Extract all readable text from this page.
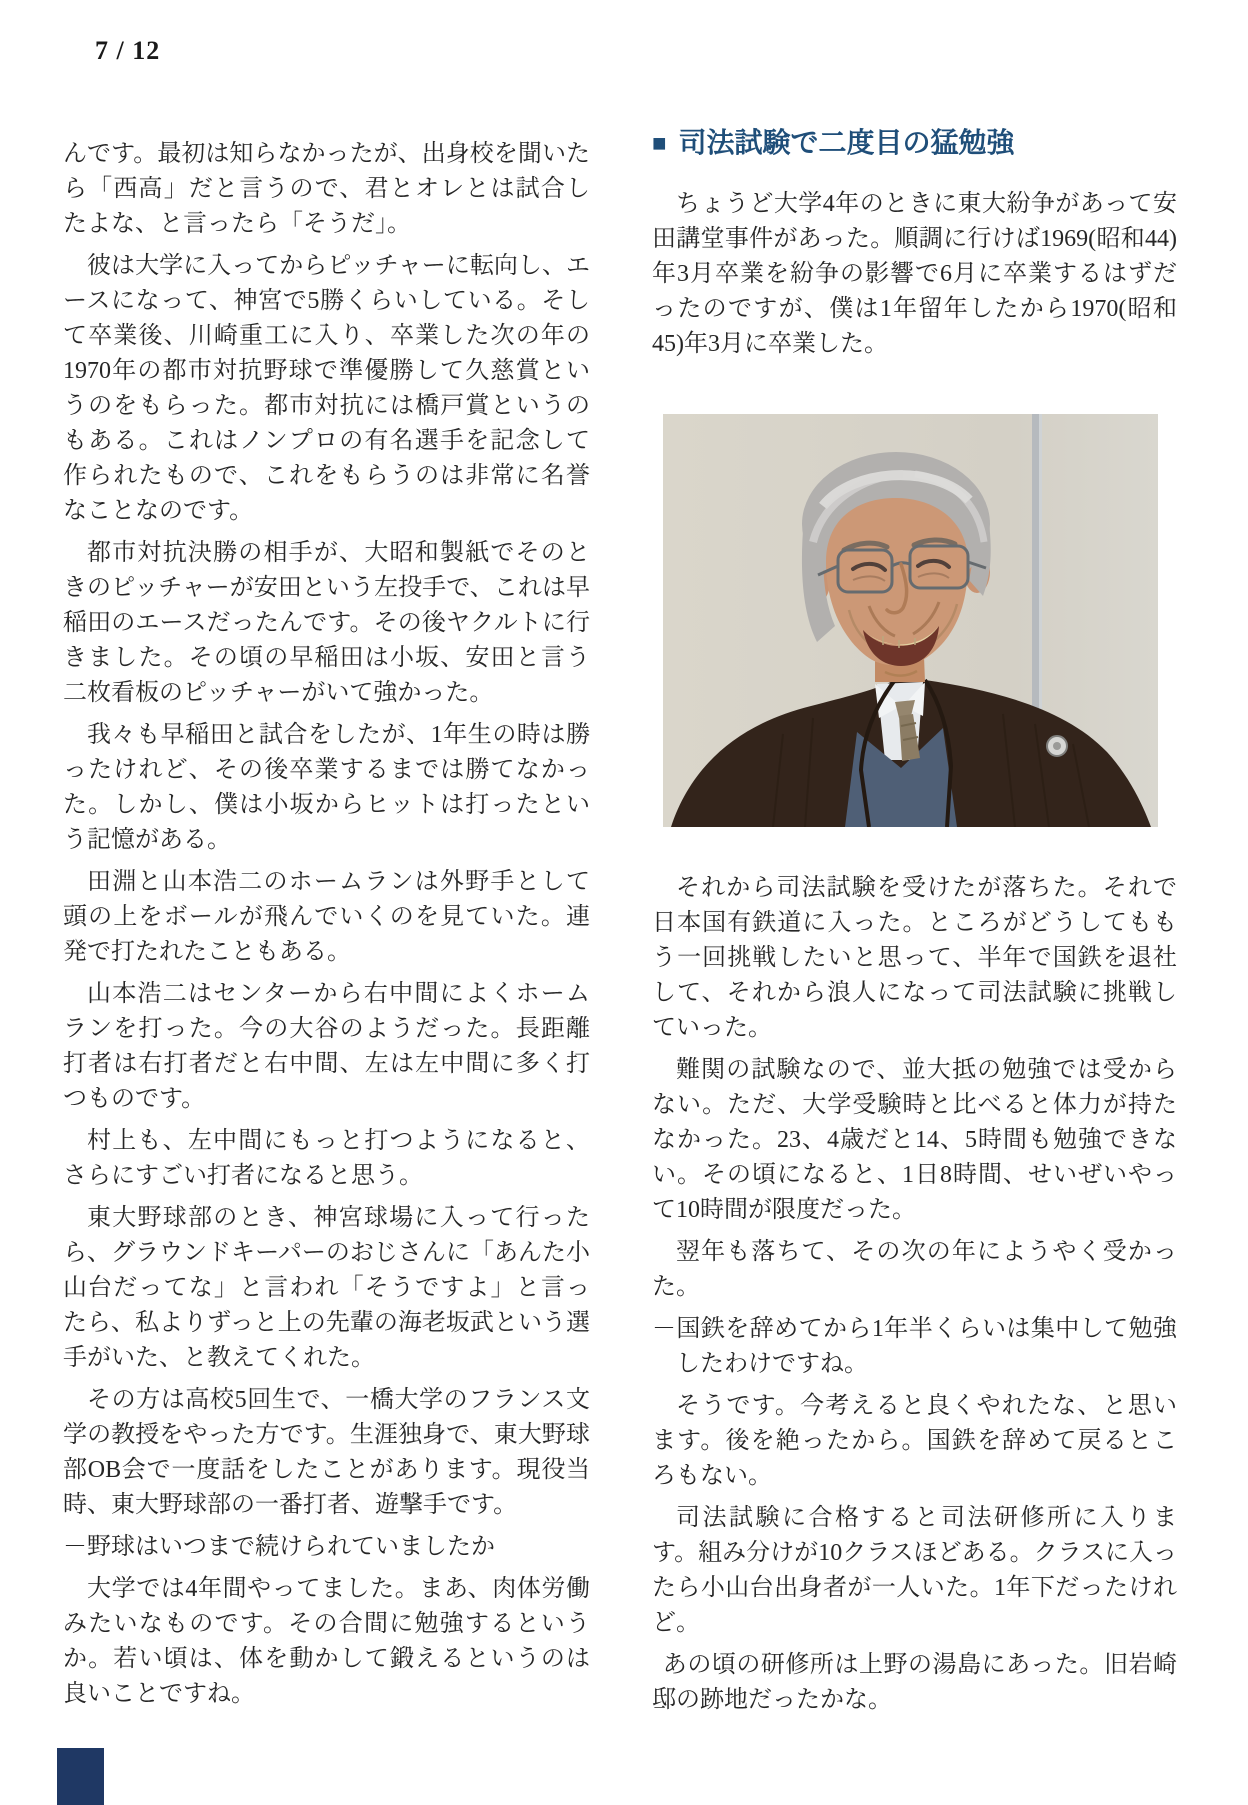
7 / 12

んです。最初は知らなかったが、出身校を聞いたら「西高」だと言うので、君とオレとは試合したよな、と言ったら「そうだ」。

彼は大学に入ってからピッチャーに転向し、エースになって、神宮で5勝くらいしている。そして卒業後、川崎重工に入り、卒業した次の年の1970年の都市対抗野球で準優勝して久慈賞というのをもらった。都市対抗には橋戸賞というのもある。これはノンプロの有名選手を記念して作られたもので、これをもらうのは非常に名誉なことなのです。

都市対抗決勝の相手が、大昭和製紙でそのときのピッチャーが安田という左投手で、これは早稲田のエースだったんです。その後ヤクルトに行きました。その頃の早稲田は小坂、安田と言う二枚看板のピッチャーがいて強かった。

我々も早稲田と試合をしたが、1年生の時は勝ったけれど、その後卒業するまでは勝てなかった。しかし、僕は小坂からヒットは打ったという記憶がある。

田淵と山本浩二のホームランは外野手として頭の上をボールが飛んでいくのを見ていた。連発で打たれたこともある。

山本浩二はセンターから右中間によくホームランを打った。今の大谷のようだった。長距離打者は右打者だと右中間、左は左中間に多く打つものです。

村上も、左中間にもっと打つようになると、さらにすごい打者になると思う。

東大野球部のとき、神宮球場に入って行ったら、グラウンドキーパーのおじさんに「あんた小山台だってな」と言われ「そうですよ」と言ったら、私よりずっと上の先輩の海老坂武という選手がいた、と教えてくれた。

その方は高校5回生で、一橋大学のフランス文学の教授をやった方です。生涯独身で、東大野球部OB会で一度話をしたことがあります。現役当時、東大野球部の一番打者、遊撃手です。

－野球はいつまで続けられていましたか

大学では4年間やってました。まあ、肉体労働みたいなものです。その合間に勉強するというか。若い頃は、体を動かして鍛えるというのは良いことですね。

■ 司法試験で二度目の猛勉強

ちょうど大学4年のときに東大紛争があって安田講堂事件があった。順調に行けば1969(昭和44)年3月卒業を紛争の影響で6月に卒業するはずだったのですが、僕は1年留年したから1970(昭和45)年3月に卒業した。

それから司法試験を受けたが落ちた。それで日本国有鉄道に入った。ところがどうしてももう一回挑戦したいと思って、半年で国鉄を退社して、それから浪人になって司法試験に挑戦していった。

難関の試験なので、並大抵の勉強では受からない。ただ、大学受験時と比べると体力が持たなかった。23、4歳だと14、5時間も勉強できない。その頃になると、1日8時間、せいぜいやって10時間が限度だった。

翌年も落ちて、その次の年にようやく受かった。

－国鉄を辞めてから1年半くらいは集中して勉強したわけですね。

そうです。今考えると良くやれたな、と思います。後を絶ったから。国鉄を辞めて戻るところもない。

司法試験に合格すると司法研修所に入ります。組み分けが10クラスほどある。クラスに入ったら小山台出身者が一人いた。1年下だったけれど。

あの頃の研修所は上野の湯島にあった。旧岩崎邸の跡地だったかな。
